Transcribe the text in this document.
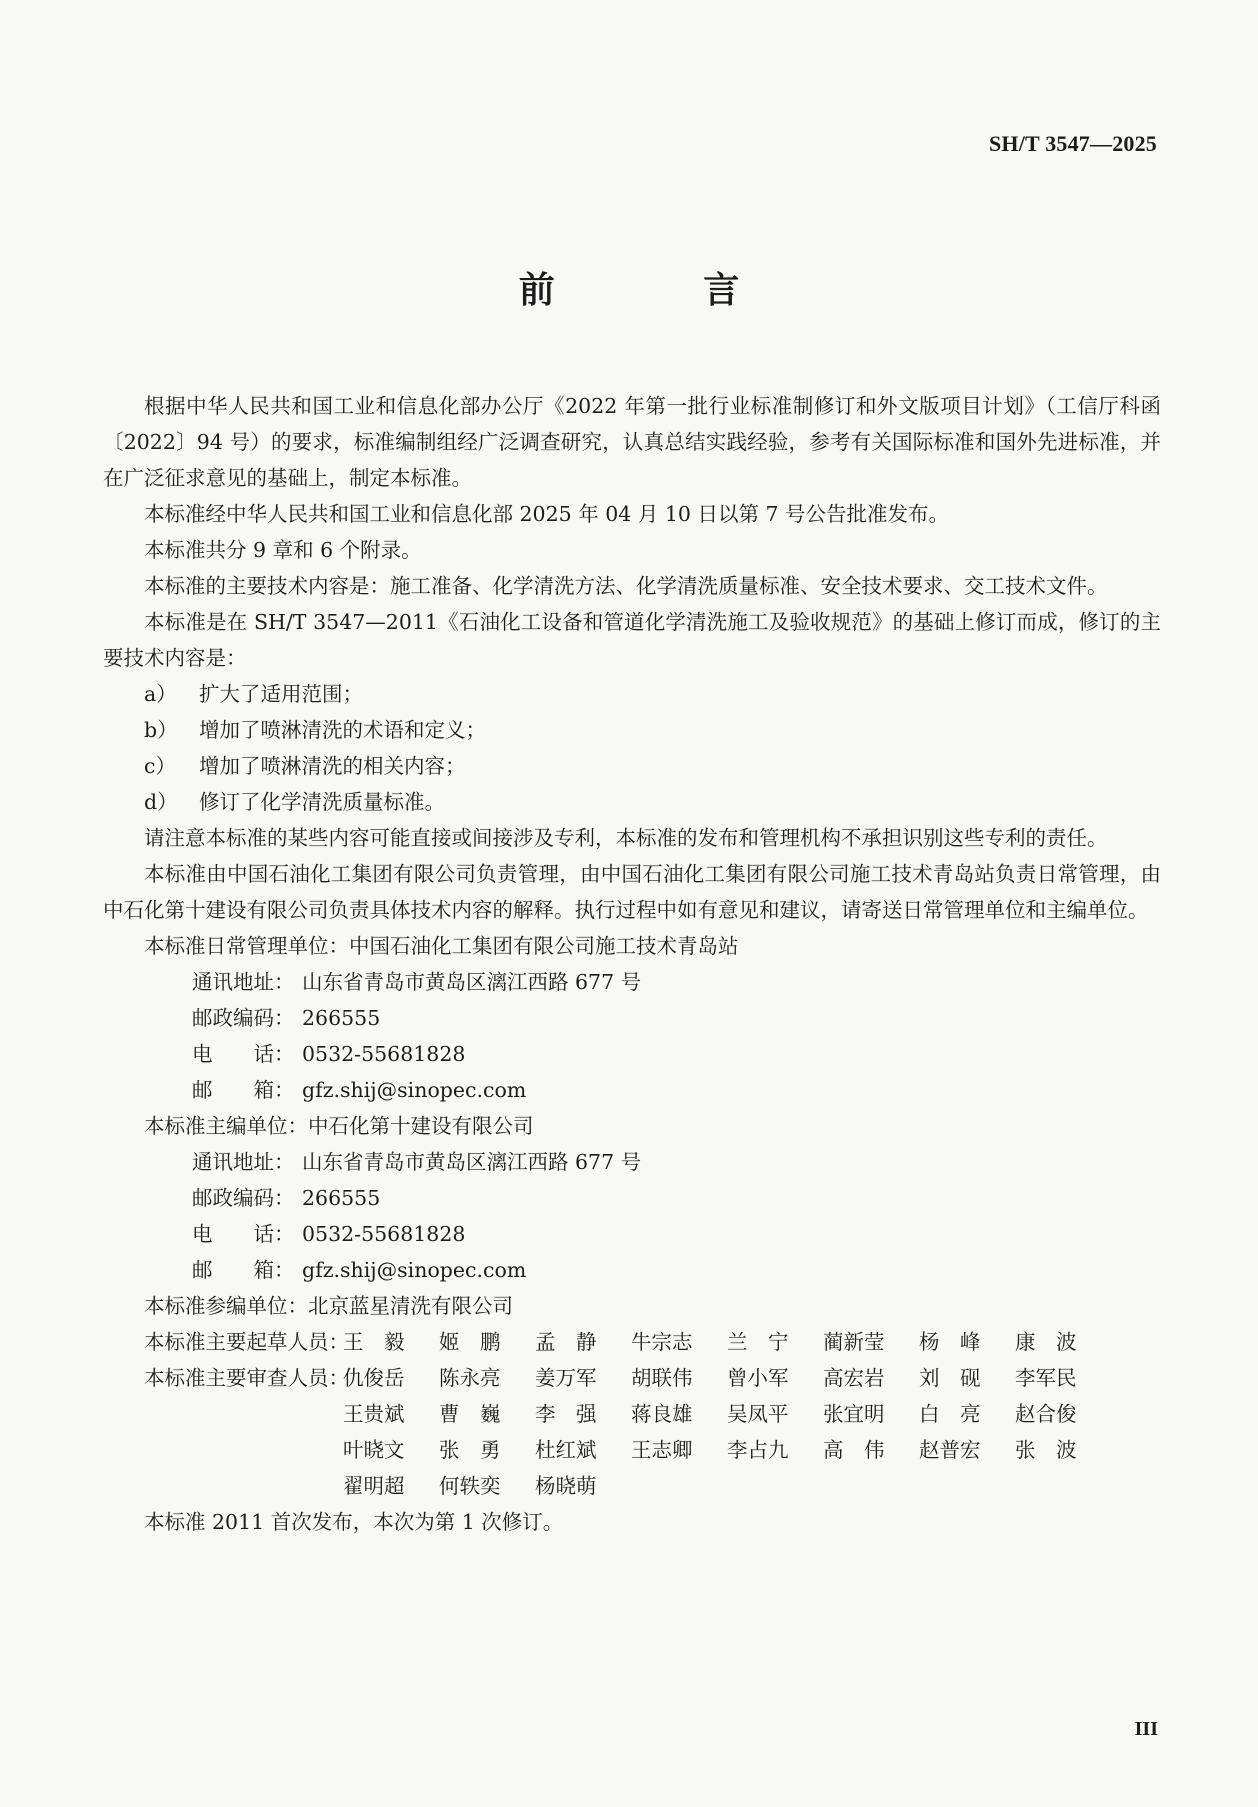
SH/T 3547—2025
前 言

根据中华人民共和国工业和信息化部办公厅《2022 年第一批行业标准制修订和外文版项目计划》（工信厅科函〔2022〕94 号）的要求，标准编制组经广泛调查研究，认真总结实践经验，参考有关国际标准和国外先进标准，并在广泛征求意见的基础上，制定本标准。

本标准经中华人民共和国工业和信息化部 2025 年 04 月 10 日以第 7 号公告批准发布。

本标准共分 9 章和 6 个附录。

本标准的主要技术内容是：施工准备、化学清洗方法、化学清洗质量标准、安全技术要求、交工技术文件。

本标准是在 SH/T 3547—2011《石油化工设备和管道化学清洗施工及验收规范》的基础上修订而成，修订的主要技术内容是：

a）	扩大了适用范围；
b）	增加了喷淋清洗的术语和定义；
c）	增加了喷淋清洗的相关内容；
d）	修订了化学清洗质量标准。

请注意本标准的某些内容可能直接或间接涉及专利，本标准的发布和管理机构不承担识别这些专利的责任。

本标准由中国石油化工集团有限公司负责管理，由中国石油化工集团有限公司施工技术青岛站负责日常管理，由中石化第十建设有限公司负责具体技术内容的解释。执行过程中如有意见和建议，请寄送日常管理单位和主编单位。

本标准日常管理单位：中国石油化工集团有限公司施工技术青岛站

通讯地址： 山东省青岛市黄岛区漓江西路 677 号
邮政编码： 266555
电　　话： 0532-55681828
邮　　箱： gfz.shij@sinopec.com

本标准主编单位：中石化第十建设有限公司

通讯地址： 山东省青岛市黄岛区漓江西路 677 号
邮政编码： 266555
电　　话： 0532-55681828
邮　　箱： gfz.shij@sinopec.com

本标准参编单位：北京蓝星清洗有限公司

本标准主要起草人员：
王　毅	姬　鹏	孟　静	牛宗志	兰　宁	蔺新莹	杨　峰	康　波
本标准主要审查人员：
仇俊岳	陈永亮	姜万军	胡联伟	曾小军	高宏岩	刘　砚	李军民
王贵斌	曹　巍	李　强	蒋良雄	吴凤平	张宜明	白　亮	赵合俊
叶晓文	张　勇	杜红斌	王志卿	李占九	高　伟	赵普宏	张　波
翟明超	何轶奕	杨晓萌

本标准 2011 首次发布，本次为第 1 次修订。

III
